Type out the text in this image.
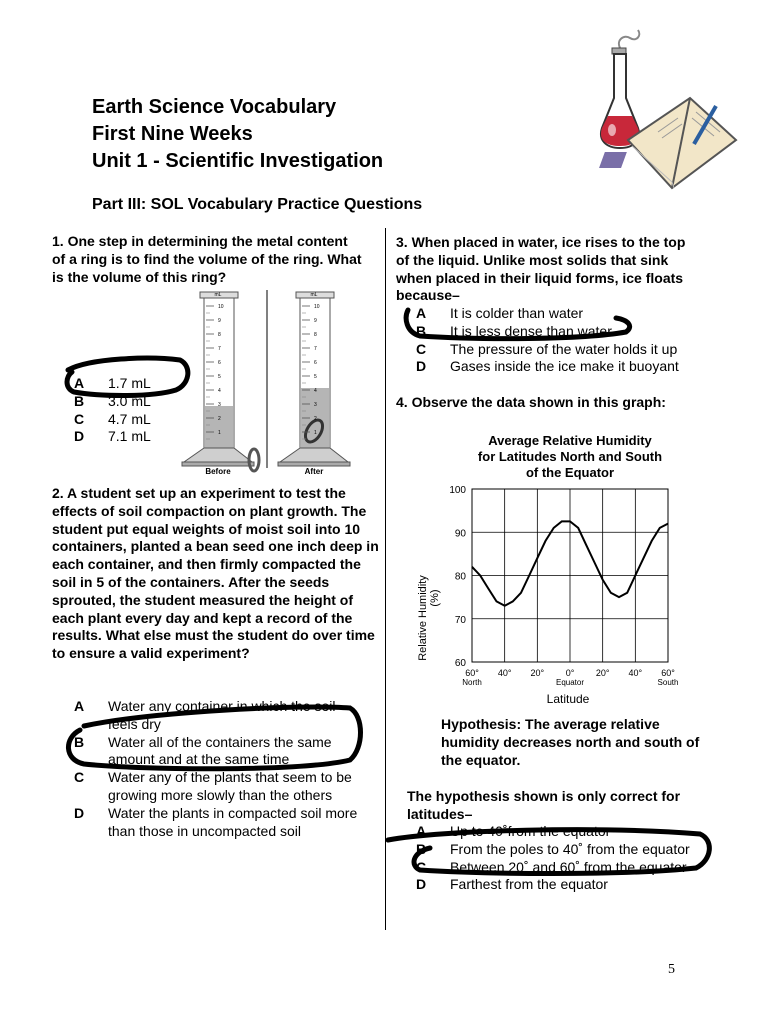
Earth Science Vocabulary
First Nine Weeks
Unit 1 - Scientific Investigation
Part III: SOL Vocabulary Practice Questions
1. One step in determining the metal content of a ring is to find the volume of the ring. What is the volume of this ring?
10
9
8
7
6
5
4
3
2
1
mL
Before
10
9
8
7
6
5
4
3
2
1
mL
After
A	1.7 mL
B	3.0 mL
C	4.7 mL
D	7.1 mL
2. A student set up an experiment to test the effects of soil compaction on plant growth. The student put equal weights of moist soil into 10 containers, planted a bean seed one inch deep in each container, and then firmly compacted the soil in 5 of the containers. After the seeds sprouted, the student measured the height of each plant every day and kept a record of the results. What else must the student do over time to ensure a valid experiment?
A	Water any container in which the soil feels dry
B	Water all of the containers the same amount and at the same time
C	Water any of the plants that seem to be growing more slowly than the others
D	Water the plants in compacted soil more than those in uncompacted soil
3. When placed in water, ice rises to the top of the liquid. Unlike most solids that sink when placed in their liquid forms, ice floats because–
A	It is colder than water
B	It is less dense than water
C	The pressure of the water holds it up
D	Gases inside the ice make it buoyant
4. Observe the data shown in this graph:
Average Relative Humidity
for Latitudes North and South
of the Equator
60
70
80
90
100
60°
North
40° 20° 0°
Equator
20° 40° 60°
South
Relative Humidity (%)
Latitude
Hypothesis: The average relative humidity decreases north and south of the equator.
The hypothesis shown is only correct for latitudes–
A	Up to 40˚from the equator
B	From the poles to 40˚ from the equator
C	Between 20˚ and 60˚ from the equator
D	Farthest from the equator
5
